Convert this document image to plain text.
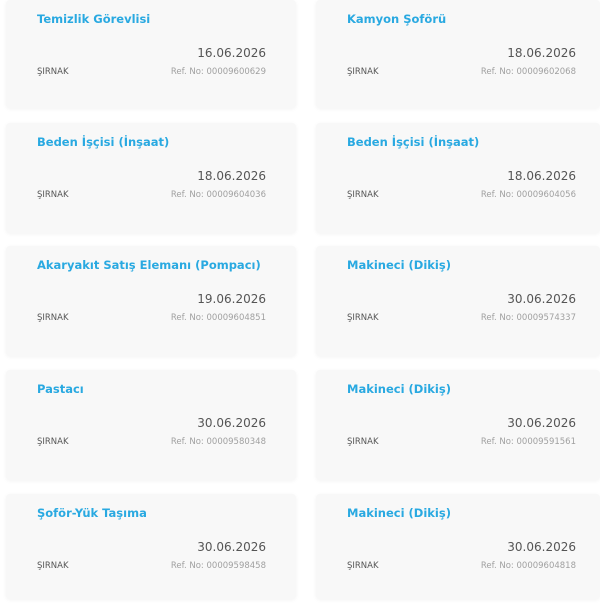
Temizlik Görevlisi
16.06.2026
ŞIRNAK	Ref. No: 00009600629
Kamyon Şoförü
18.06.2026
ŞIRNAK	Ref. No: 00009602068
Beden İşçisi (İnşaat)
18.06.2026
ŞIRNAK	Ref. No: 00009604036
Beden İşçisi (İnşaat)
18.06.2026
ŞIRNAK	Ref. No: 00009604056
Akaryakıt Satış Elemanı (Pompacı)
19.06.2026
ŞIRNAK	Ref. No: 00009604851
Makineci (Dikiş)
30.06.2026
ŞIRNAK	Ref. No: 00009574337
Pastacı
30.06.2026
ŞIRNAK	Ref. No: 00009580348
Makineci (Dikiş)
30.06.2026
ŞIRNAK	Ref. No: 00009591561
Şoför-Yük Taşıma
30.06.2026
ŞIRNAK	Ref. No: 00009598458
Makineci (Dikiş)
30.06.2026
ŞIRNAK	Ref. No: 00009604818
